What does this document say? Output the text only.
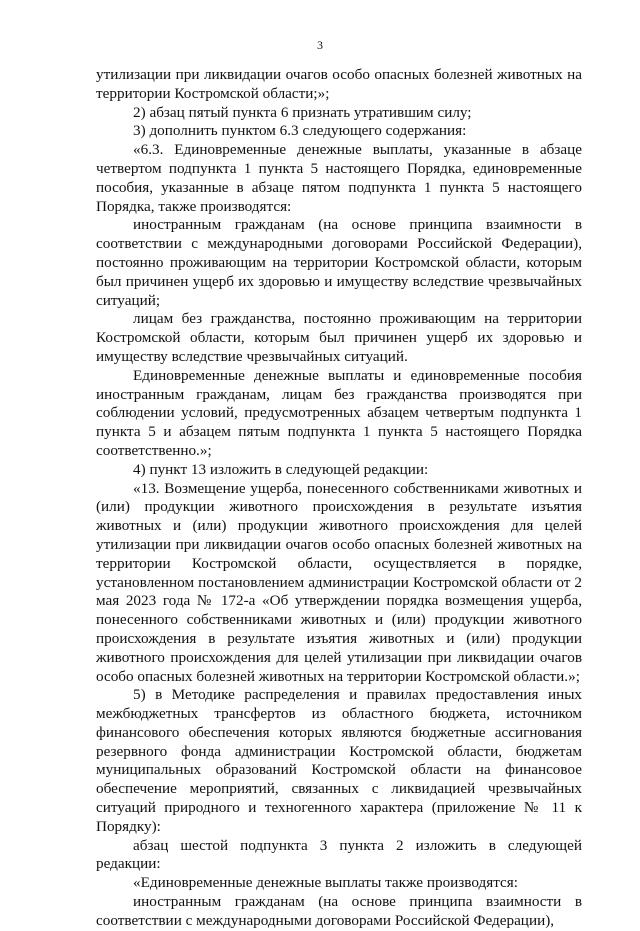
3

утилизации при ликвидации очагов особо опасных болезней животных на территории Костромской области;»;

2) абзац пятый пункта 6 признать утратившим силу;

3) дополнить пунктом 6.3 следующего содержания:

«6.3. Единовременные денежные выплаты, указанные в абзаце четвертом подпункта 1 пункта 5 настоящего Порядка, единовременные пособия, указанные в абзаце пятом подпункта 1 пункта 5 настоящего Порядка, также производятся:

иностранным гражданам (на основе принципа взаимности в соответствии с международными договорами Российской Федерации), постоянно проживающим на территории Костромской области, которым был причинен ущерб их здоровью и имуществу вследствие чрезвычайных ситуаций;

лицам без гражданства, постоянно проживающим на территории Костромской области, которым был причинен ущерб их здоровью и имуществу вследствие чрезвычайных ситуаций.

Единовременные денежные выплаты и единовременные пособия иностранным гражданам, лицам без гражданства производятся при соблюдении условий, предусмотренных абзацем четвертым подпункта 1 пункта 5 и абзацем пятым подпункта 1 пункта 5 настоящего Порядка соответственно.»;

4) пункт 13 изложить в следующей редакции:

«13. Возмещение ущерба, понесенного собственниками животных и (или) продукции животного происхождения в результате изъятия животных и (или) продукции животного происхождения для целей утилизации при ликвидации очагов особо опасных болезней животных на территории Костромской области, осуществляется в порядке, установленном постановлением администрации Костромской области от 2 мая 2023 года № 172-а «Об утверждении порядка возмещения ущерба, понесенного собственниками животных и (или) продукции животного происхождения в результате изъятия животных и (или) продукции животного происхождения для целей утилизации при ликвидации очагов особо опасных болезней животных на территории Костромской области.»;

5) в Методике распределения и правилах предоставления иных межбюджетных трансфертов из областного бюджета, источником финансового обеспечения которых являются бюджетные ассигнования резервного фонда администрации Костромской области, бюджетам муниципальных образований Костромской области на финансовое обеспечение мероприятий, связанных с ликвидацией чрезвычайных ситуаций природного и техногенного характера (приложение № 11 к Порядку):

абзац шестой подпункта 3 пункта 2 изложить в следующей редакции:

«Единовременные денежные выплаты также производятся:

иностранным гражданам (на основе принципа взаимности в соответствии с международными договорами Российской Федерации),
